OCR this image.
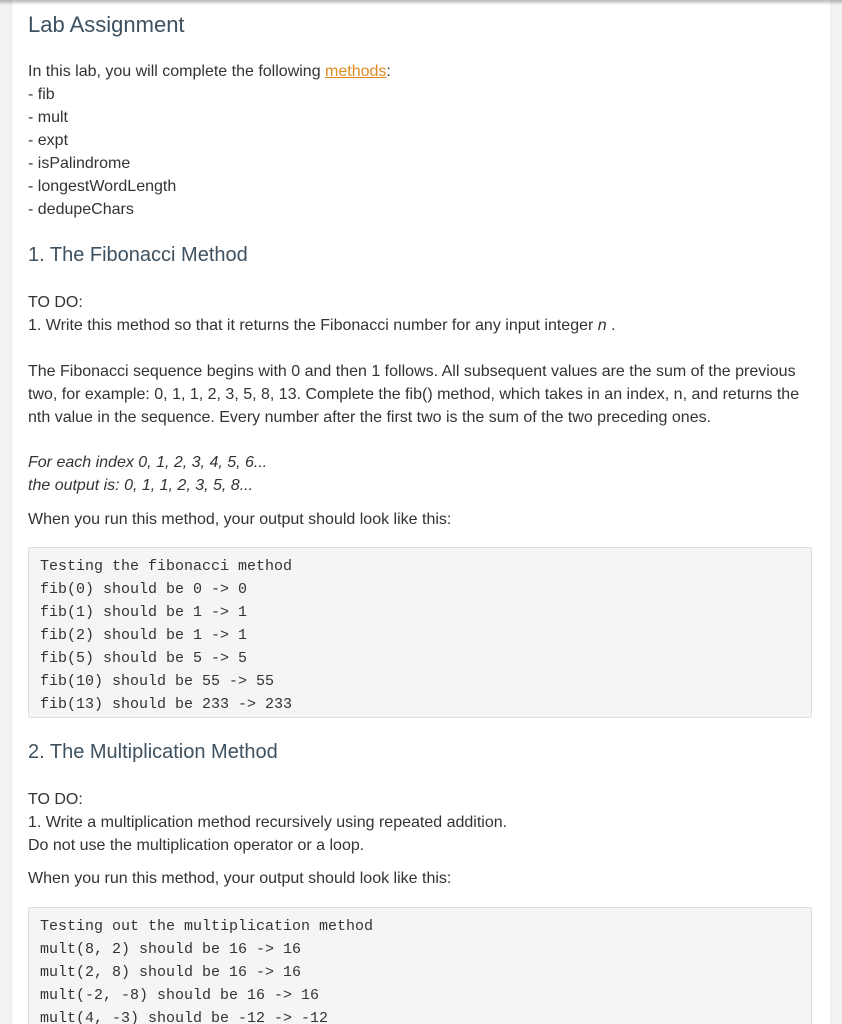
Lab Assignment
In this lab, you will complete the following methods:
- fib
- mult
- expt
- isPalindrome
- longestWordLength
- dedupeChars
1. The Fibonacci Method
TO DO:
1. Write this method so that it returns the Fibonacci number for any input integer n .
The Fibonacci sequence begins with 0 and then 1 follows. All subsequent values are the sum of the previous two, for example: 0, 1, 1, 2, 3, 5, 8, 13. Complete the fib() method, which takes in an index, n, and returns the nth value in the sequence. Every number after the first two is the sum of the two preceding ones.
For each index 0, 1, 2, 3, 4, 5, 6...
the output is: 0, 1, 1, 2, 3, 5, 8...
When you run this method, your output should look like this:
Testing the fibonacci method
fib(0) should be 0 -> 0
fib(1) should be 1 -> 1
fib(2) should be 1 -> 1
fib(5) should be 5 -> 5
fib(10) should be 55 -> 55
fib(13) should be 233 -> 233
2. The Multiplication Method
TO DO:
1. Write a multiplication method recursively using repeated addition.
Do not use the multiplication operator or a loop.
When you run this method, your output should look like this:
Testing out the multiplication method
mult(8, 2) should be 16 -> 16
mult(2, 8) should be 16 -> 16
mult(-2, -8) should be 16 -> 16
mult(4, -3) should be -12 -> -12
